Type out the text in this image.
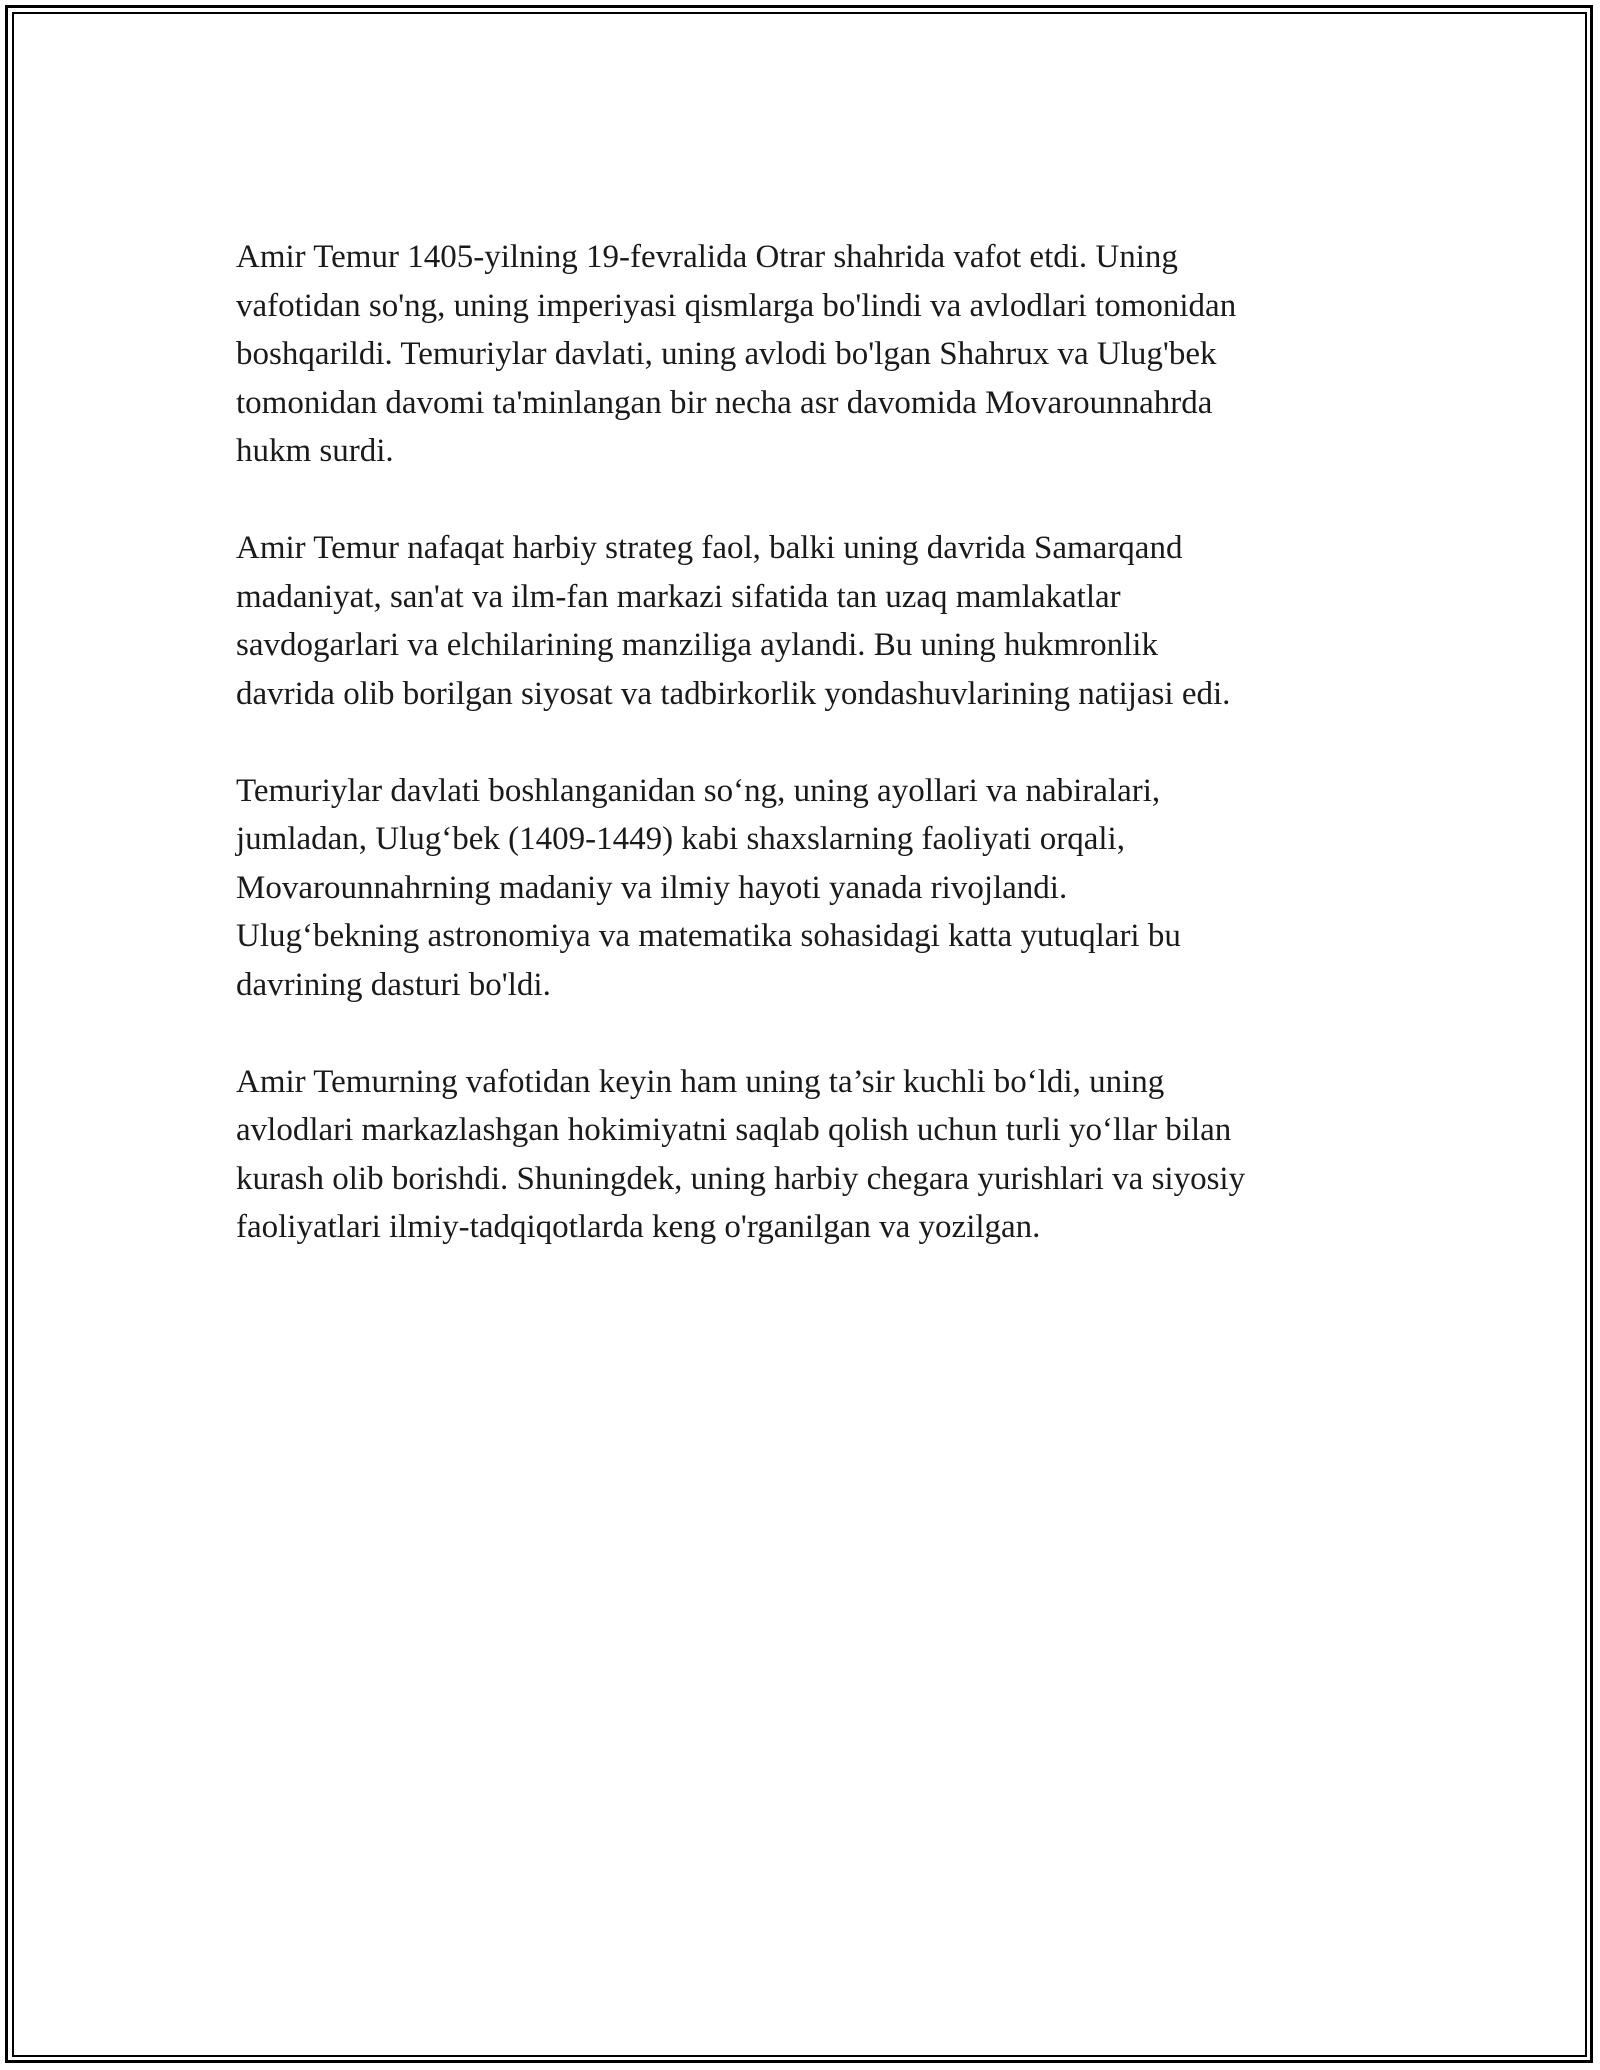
Amir Temur 1405-yilning 19-fevralida Otrar shahrida vafot etdi. Uning
vafotidan so'ng, uning imperiyasi qismlarga bo'lindi va avlodlari tomonidan
boshqarildi. Temuriylar davlati, uning avlodi bo'lgan Shahrux va Ulug'bek
tomonidan davomi ta'minlangan bir necha asr davomida Movarounnahrda
hukm surdi.

Amir Temur nafaqat harbiy strateg faol, balki uning davrida Samarqand
madaniyat, san'at va ilm-fan markazi sifatida tan uzaq mamlakatlar
savdogarlari va elchilarining manziliga aylandi. Bu uning hukmronlik
davrida olib borilgan siyosat va tadbirkorlik yondashuvlarining natijasi edi.

Temuriylar davlati boshlanganidan so‘ng, uning ayollari va nabiralari,
jumladan, Ulug‘bek (1409-1449) kabi shaxslarning faoliyati orqali,
Movarounnahrning madaniy va ilmiy hayoti yanada rivojlandi.
Ulug‘bekning astronomiya va matematika sohasidagi katta yutuqlari bu
davrining dasturi bo'ldi.

Amir Temurning vafotidan keyin ham uning ta’sir kuchli bo‘ldi, uning
avlodlari markazlashgan hokimiyatni saqlab qolish uchun turli yo‘llar bilan
kurash olib borishdi. Shuningdek, uning harbiy chegara yurishlari va siyosiy
faoliyatlari ilmiy-tadqiqotlarda keng o'rganilgan va yozilgan.
